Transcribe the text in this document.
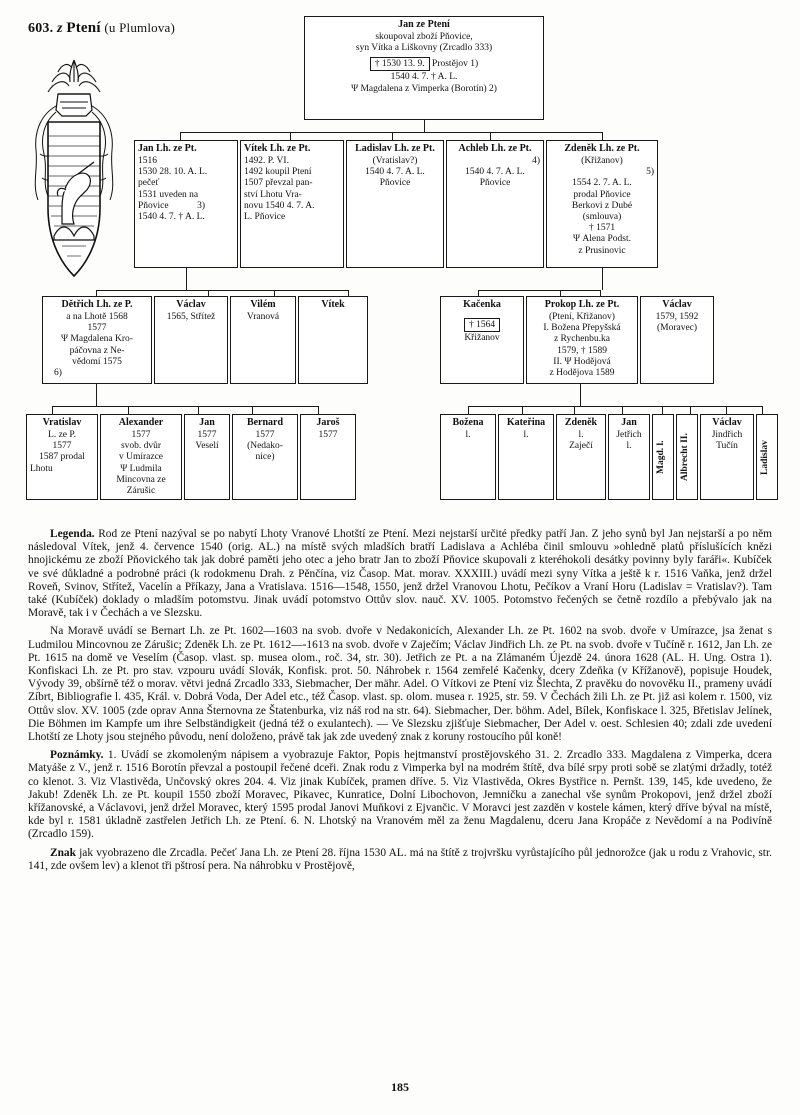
603. z Ptení (u Plumlova)	Jan ze Ptení
skoupoval zboží Pňovice,
syn Vítka a Liškovny (Zrcadlo 333)
† 1530 13. 9. Prostějov 1)
1540 4. 7. † A. L.
Ψ Magdalena z Vimperka (Borotín) 2)
Jan Lh. ze Pt.
1516
1530 28. 10. A. L.
pečeť
1531 uveden na
Pňovice            3)
1540 4. 7. † A. L.
Vítek Lh. ze Pt.
1492. P. VI.
1492 koupil Ptení
1507 převzal pan-
ství Lhotu Vra-
novu 1540 4. 7. A.
L. Pňovice
Ladislav Lh. ze Pt.
(Vratislav?)
1540 4. 7. A. L.
Pňovice
Achleb Lh. ze Pt.
4)
1540 4. 7. A. L.
Pňovice
Zdeněk Lh. ze Pt.
(Křižanov)
5)
1554 2. 7. A. L.
prodal Pňovice
Berkovi z Dubé
(smlouva)
† 1571
Ψ Alena Podst.
z Prusinovic
Dětřich Lh. ze P.
a na Lhotě 1568
1577
Ψ Magdalena Kro-
páčovna z Ne-
vědomí 1575
6)
Václav
1565, Střítež
Vilém
Vranová
Vítek	Kačenka
† 1564
Křižanov
Prokop Lh. ze Pt.
(Ptení, Křižanov)
I. Božena Přepyšská
z Rychenbu.ka
1579, † 1589
II. Ψ Hodějová
z Hodějova 1589
Václav
1579, 1592
(Moravec)
Vratislav
L. ze P.
1577
1587 prodal
Lhotu
Alexander
1577
svob. dvůr
v Umírazce
Ψ Ludmila
Mincovna ze
Zárušic
Jan
1577
Veselí
Bernard
1577
(Nedako-
nice)
Jaroš
1577
Božena
l.
Kateřina
l.
Zdeněk
l.
Zaječí
Jan
Jetřich
l.	Magd. l. Albrecht II.
Václav
Jindřich
Tučín	Ladislav

Legenda. Rod ze Ptení nazýval se po nabytí Lhoty Vranové Lhotští ze Ptení. Mezi nejstarší určité předky patří Jan. Z jeho synů byl Jan nejstarší a po něm následoval Vítek, jenž 4. července 1540 (orig. AL.) na místě svých mladších bratří Ladislava a Achléba činil smlouvu »ohledně platů příslušících knězi hnojickému ze zboží Pňovického tak jak dobré paměti jeho otec a jeho bratr Jan to zboží Pňovice skupovali z kteréhokoli desátky povinny byly faráři«. Kubíček ve své důkladné a podrobné práci (k rodokmenu Drah. z Pěnčína, viz Časop. Mat. morav. XXXIII.) uvádí mezi syny Vítka a ještě k r. 1516 Vaňka, jenž držel Roveň, Svinov, Střítež, Vacelín a Příkazy, Jana a Vratislava. 1516—1548, 1550, jenž držel Vranovou Lhotu, Pečíkov a Vraní Horu (Ladislav = Vratislav?). Tam také (Kubíček) doklady o mladším potomstvu. Jinak uvádí potomstvo Ottův slov. nauč. XV. 1005. Potomstvo řečených se četně rozdílo a přebývalo jak na Moravě, tak i v Čechách a ve Slezsku.

Na Moravě uvádí se Bernart Lh. ze Pt. 1602—1603 na svob. dvoře v Nedakonicích, Alexander Lh. ze Pt. 1602 na svob. dvoře v Umírazce, jsa ženat s Ludmilou Mincovnou ze Zárušic; Zdeněk Lh. ze Pt. 1612—-1613 na svob. dvoře v Zaječím; Václav Jindřich Lh. ze Pt. na svob. dvoře v Tučíně r. 1612, Jan Lh. ze Pt. 1615 na domě ve Veselím (Časop. vlast. sp. musea olom., roč. 34, str. 30). Jetřich ze Pt. a na Zlámaném Újezdě 24. února 1628 (AL. H. Ung. Ostra 1). Konfiskaci Lh. ze Pt. pro stav. vzpouru uvádí Slovák, Konfisk. prot. 50. Náhrobek r. 1564 zemřelé Kačenky, dcery Zdeňka (v Křížanově), popisuje Houdek, Vývody 39, obšírně též o morav. větvi jedná Zrcadlo 333, Siebmacher, Der mähr. Adel. O Vítkovi ze Ptení viz Šlechta, Z pravěku do novověku II., prameny uvádí Zíbrt, Bibliografie l. 435, Král. v. Dobrá Voda, Der Adel etc., též Časop. vlast. sp. olom. musea r. 1925, str. 59. V Čechách žili Lh. ze Pt. již asi kolem r. 1500, viz Ottův slov. XV. 1005 (zde oprav Anna Šternovna ze Štatenburka, viz náš rod na str. 64). Siebmacher, Der. böhm. Adel, Bílek, Konfiskace l. 325, Břetislav Jelínek, Die Böhmen im Kampfe um ihre Selbständigkeit (jedná též o exulantech). — Ve Slezsku zjišťuje Siebmacher, Der Adel v. oest. Schlesien 40; zdali zde uvedení Lhotští ze Lhoty jsou stejného původu, není doloženo, právě tak jak zde uvedený znak z koruny rostoucího půl koně!

Poznámky. 1. Uvádí se zkomoleným nápisem a vyobrazuje Faktor, Popis hejtmanství prostějovského 31. 2. Zrcadlo 333. Magdalena z Vimperka, dcera Matyáše z V., jenž r. 1516 Borotín převzal a postoupil řečené dceři. Znak rodu z Vimperka byl na modrém štítě, dva bílé srpy proti sobě se zlatými držadly, totéž co klenot. 3. Viz Vlastivěda, Unčovský okres 204. 4. Viz jinak Kubíček, pramen dříve. 5. Viz Vlastivěda, Okres Bystřice n. Pernšt. 139, 145, kde uvedeno, že Jakub! Zdeněk Lh. ze Pt. koupil 1550 zboží Moravec, Pikavec, Kunratice, Dolní Libochovon, Jemničku a zanechal vše synům Prokopovi, jenž držel zboží křížanovské, a Václavovi, jenž držel Moravec, který 1595 prodal Janovi Muňkovi z Ejvančic. V Moravci jest zazděn v kostele kámen, který dříve býval na místě, kde byl r. 1581 úkladně zastřelen Jetřich Lh. ze Ptení. 6. N. Lhotský na Vranovém měl za ženu Magdalenu, dceru Jana Kropáče z Nevědomí a na Podivíně (Zrcadlo 159).

Znak jak vyobrazeno dle Zrcadla. Pečeť Jana Lh. ze Ptení 28. října 1530 AL. má na štítě z trojvršku vyrůstajícího půl jednorožce (jak u rodu z Vrahovic, str. 141, zde ovšem lev) a klenot tři pštrosí pera. Na náhrobku v Prostějově,

185
